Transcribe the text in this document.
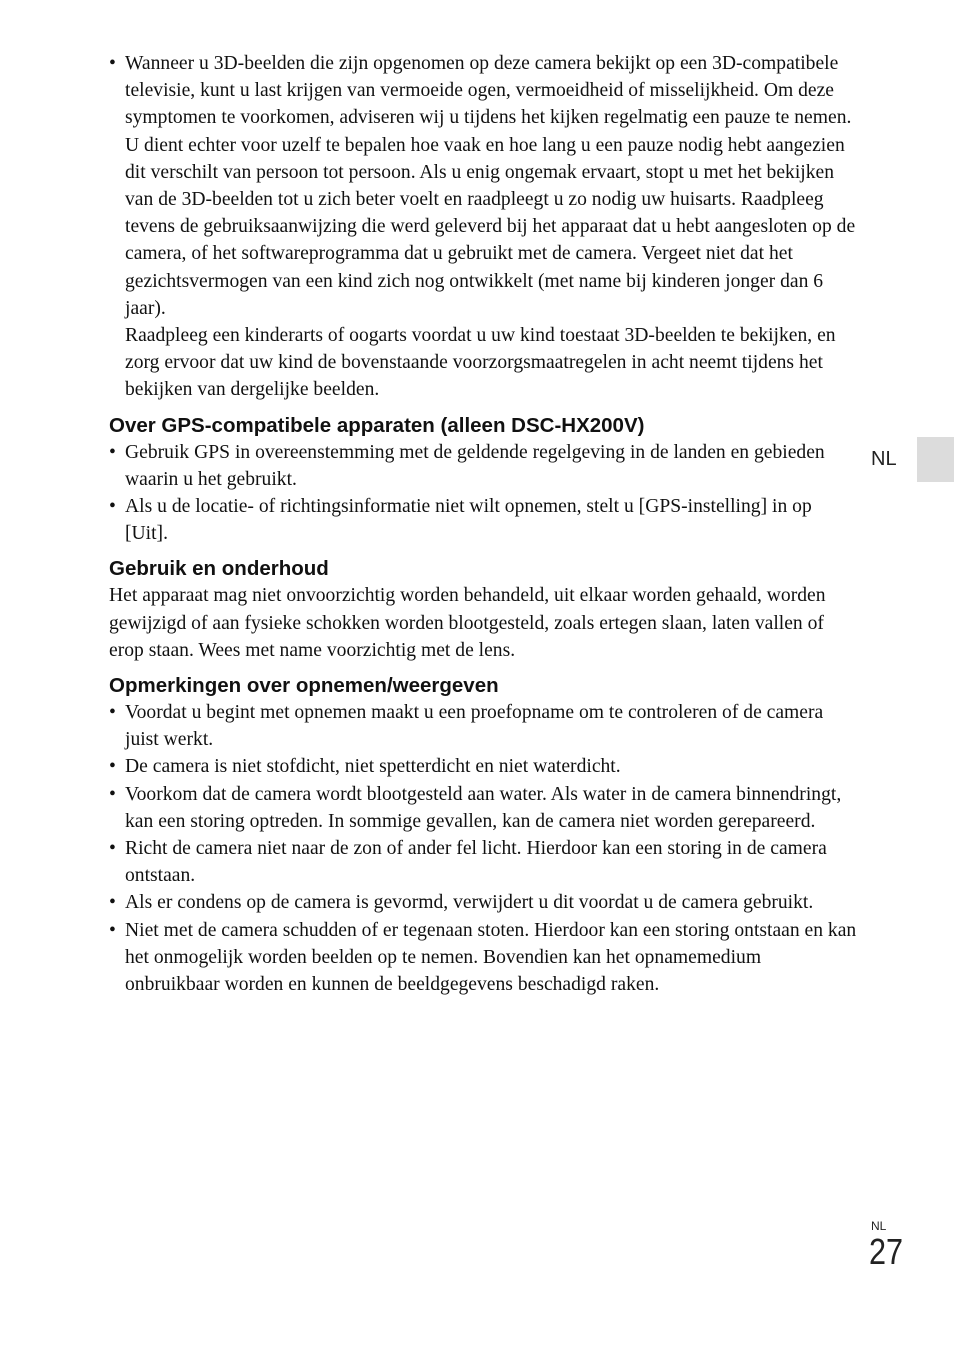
• Wanneer u 3D-beelden die zijn opgenomen op deze camera bekijkt op een 3D-compatibele televisie, kunt u last krijgen van vermoeide ogen, vermoeidheid of misselijkheid. Om deze symptomen te voorkomen, adviseren wij u tijdens het kijken regelmatig een pauze te nemen. U dient echter voor uzelf te bepalen hoe vaak en hoe lang u een pauze nodig hebt aangezien dit verschilt van persoon tot persoon. Als u enig ongemak ervaart, stopt u met het bekijken van de 3D-beelden tot u zich beter voelt en raadpleegt u zo nodig uw huisarts. Raadpleeg tevens de gebruiksaanwijzing die werd geleverd bij het apparaat dat u hebt aangesloten op de camera, of het softwareprogramma dat u gebruikt met de camera. Vergeet niet dat het gezichtsvermogen van een kind zich nog ontwikkelt (met name bij kinderen jonger dan 6 jaar).
Raadpleeg een kinderarts of oogarts voordat u uw kind toestaat 3D-beelden te bekijken, en zorg ervoor dat uw kind de bovenstaande voorzorgsmaatregelen in acht neemt tijdens het bekijken van dergelijke beelden.
Over GPS-compatibele apparaten (alleen DSC-HX200V)
• Gebruik GPS in overeenstemming met de geldende regelgeving in de landen en gebieden waarin u het gebruikt.
• Als u de locatie- of richtingsinformatie niet wilt opnemen, stelt u [GPS-instelling] in op [Uit].
Gebruik en onderhoud

Het apparaat mag niet onvoorzichtig worden behandeld, uit elkaar worden gehaald, worden gewijzigd of aan fysieke schokken worden blootgesteld, zoals ertegen slaan, laten vallen of erop staan. Wees met name voorzichtig met de lens.

Opmerkingen over opnemen/weergeven
• Voordat u begint met opnemen maakt u een proefopname om te controleren of de camera juist werkt.
• De camera is niet stofdicht, niet spetterdicht en niet waterdicht.
• Voorkom dat de camera wordt blootgesteld aan water. Als water in de camera binnendringt, kan een storing optreden. In sommige gevallen, kan de camera niet worden gerepareerd.
• Richt de camera niet naar de zon of ander fel licht. Hierdoor kan een storing in de camera ontstaan.
• Als er condens op de camera is gevormd, verwijdert u dit voordat u de camera gebruikt.
• Niet met de camera schudden of er tegenaan stoten. Hierdoor kan een storing ontstaan en kan het onmogelijk worden beelden op te nemen. Bovendien kan het opnamemedium onbruikbaar worden en kunnen de beeldgegevens beschadigd raken.
NL
NL
27
